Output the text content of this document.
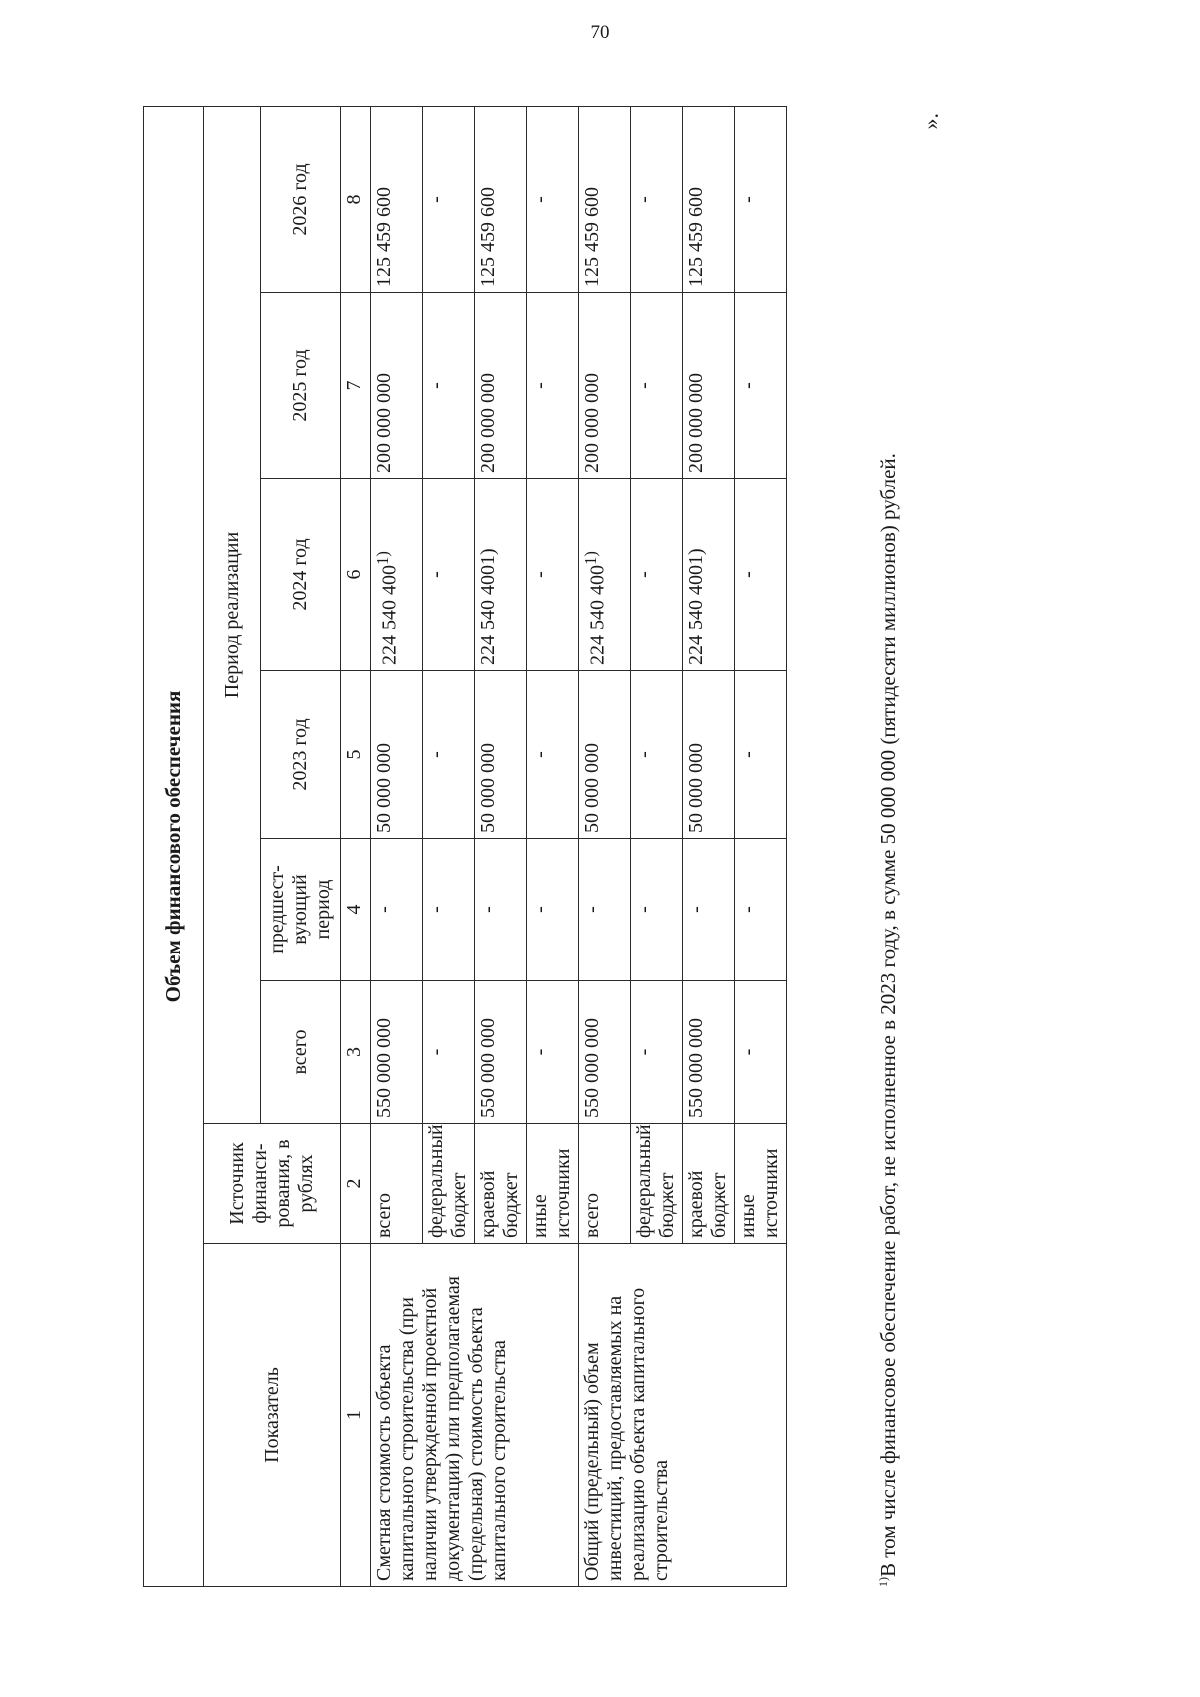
70
Объем финансового обеспечения							
Показатель	Источник финанси-рования, в рублях	Период реализации					
		всего	предшест-вующий период	2023 год	2024 год	2025 год	2026 год
1	2	3	4	5	6	7	8
Сметная стоимость объекта капитального строительства (при наличии утвержденной проектной документации) или предполагаемая (предельная) стоимость объекта капитального строительства	всего	550 000 000	-	50 000 000	224 540 400$^{1)}$	200 000 000	125 459 600
	федеральный бюджет	-	-	-	-	-	-
	краевой бюджет	550 000 000	-	50 000 000	224 540 4001)	200 000 000	125 459 600
	иные источники	-	-	-	-	-	-
Общий (предельный) объем инвестиций, предоставляемых на реализацию объекта капитального строительства	всего	550 000 000	-	50 000 000	224 540 400$^{1)}$	200 000 000	125 459 600
	федеральный бюджет	-	-	-	-	-	-
	краевой бюджет	550 000 000	-	50 000 000	224 540 4001)	200 000 000	125 459 600
	иные источники	-	-	-	-	-	-
$^{1)}$В том числе финансовое обеспечение работ, не исполненное в 2023 году, в сумме 50 000 000 (пятидесяти миллионов) рублей.
».
